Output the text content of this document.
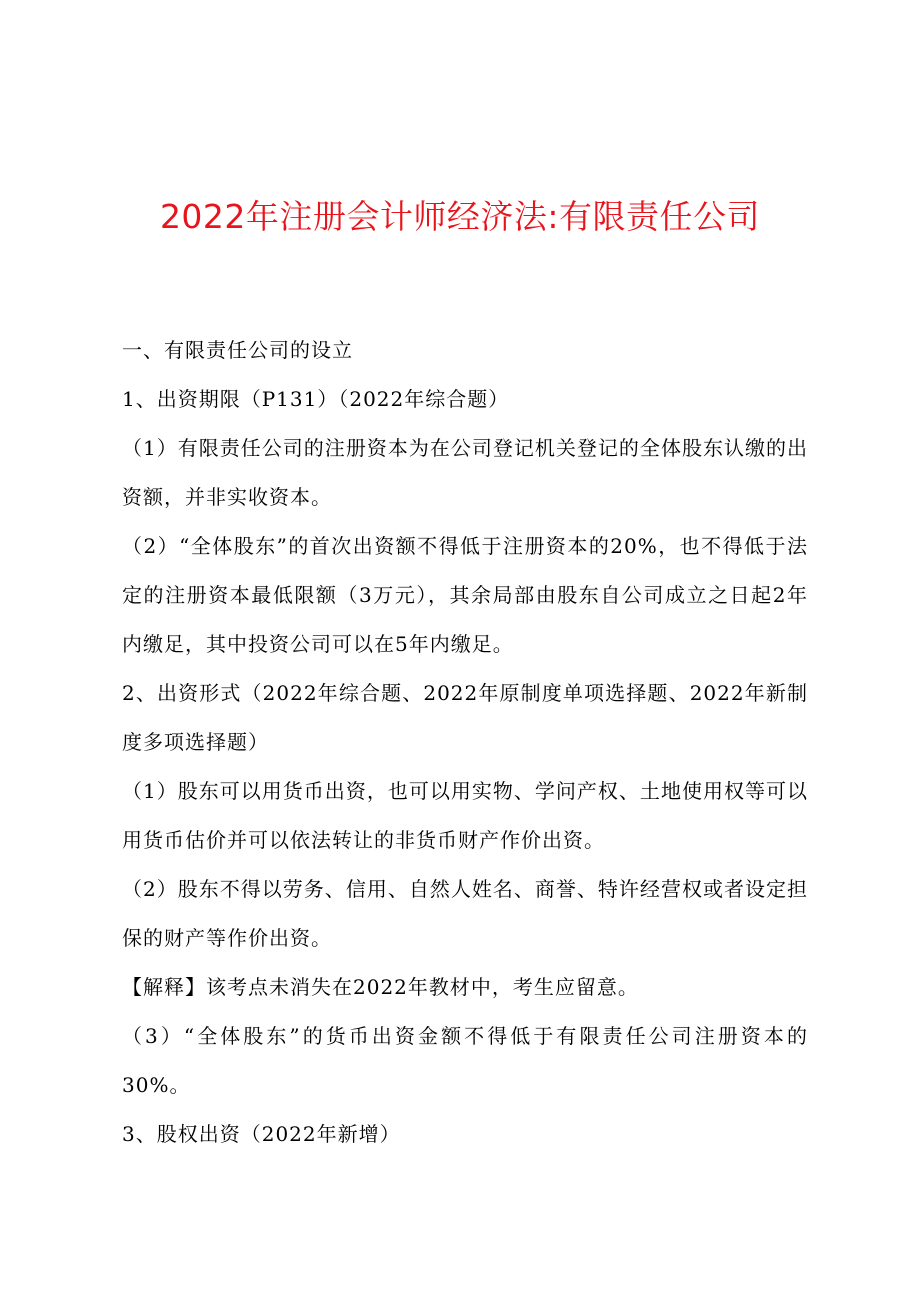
2022年注册会计师经济法:有限责任公司

一、有限责任公司的设立

1、出资期限（P131）（2022年综合题）

（1）有限责任公司的注册资本为在公司登记机关登记的全体股东认缴的出资额，并非实收资本。

（2）“全体股东”的首次出资额不得低于注册资本的20%，也不得低于法定的注册资本最低限额（3万元），其余局部由股东自公司成立之日起2年内缴足，其中投资公司可以在5年内缴足。

2、出资形式（2022年综合题、2022年原制度单项选择题、2022年新制度多项选择题）

（1）股东可以用货币出资，也可以用实物、学问产权、土地使用权等可以用货币估价并可以依法转让的非货币财产作价出资。

（2）股东不得以劳务、信用、自然人姓名、商誉、特许经营权或者设定担保的财产等作价出资。

【解释】该考点未消失在2022年教材中，考生应留意。

（3）“全体股东”的货币出资金额不得低于有限责任公司注册资本的30%。

3、股权出资（2022年新增）
